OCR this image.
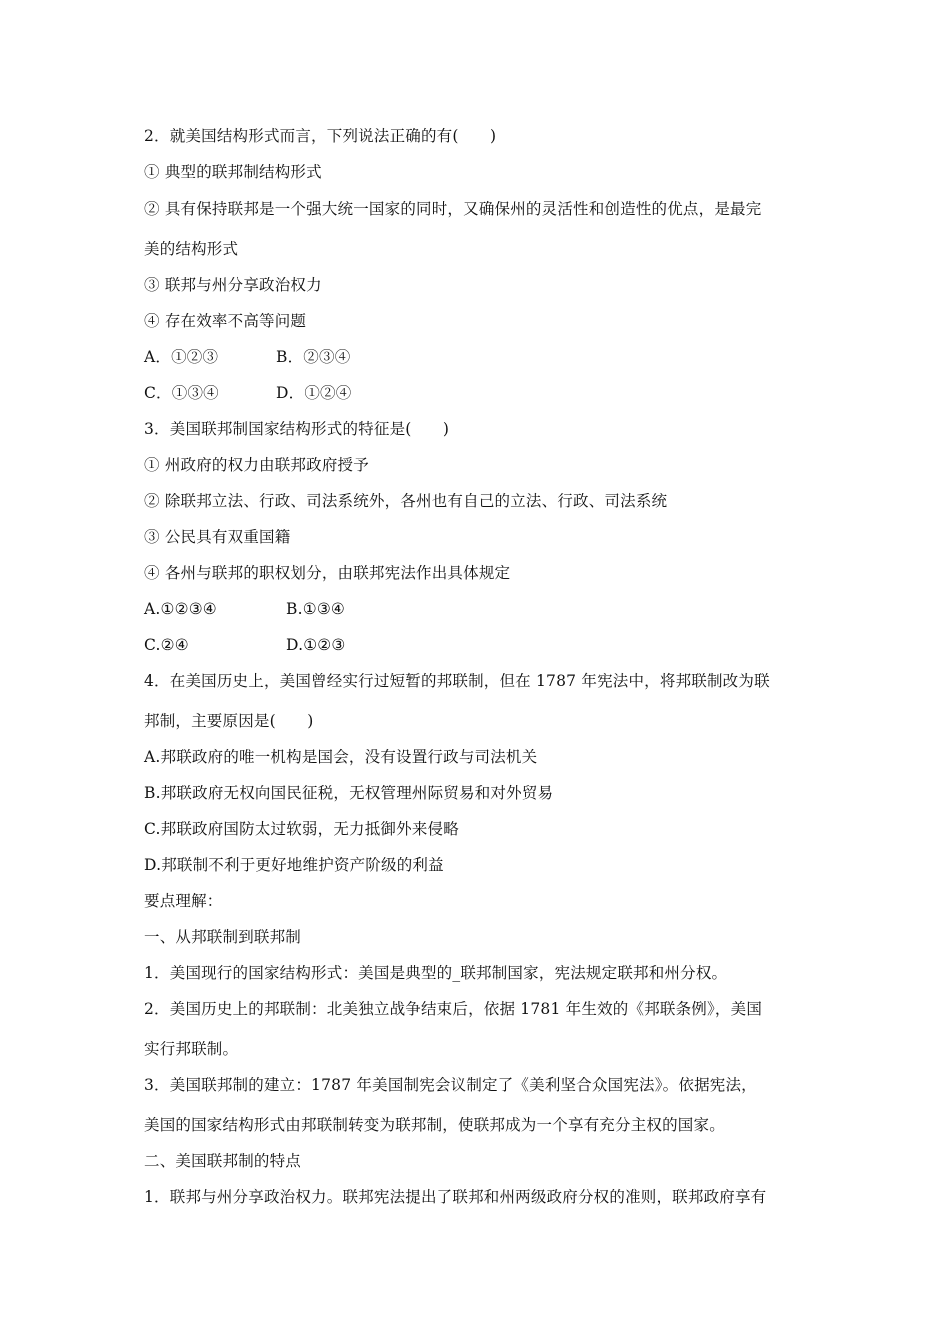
2．就美国结构形式而言，下列说法正确的有(　　)
① 典型的联邦制结构形式
② 具有保持联邦是一个强大统一国家的同时，又确保州的灵活性和创造性的优点，是最完
美的结构形式
③ 联邦与州分享政治权力
④ 存在效率不高等问题
A．①②③	B．②③④
C．①③④	D．①②④
3．美国联邦制国家结构形式的特征是(　　)
① 州政府的权力由联邦政府授予
② 除联邦立法、行政、司法系统外，各州也有自己的立法、行政、司法系统
③ 公民具有双重国籍
④ 各州与联邦的职权划分，由联邦宪法作出具体规定
A.①②③④	B.①③④
C.②④	D.①②③
4．在美国历史上，美国曾经实行过短暂的邦联制，但在 1787 年宪法中，将邦联制改为联
邦制，主要原因是(　　)
A.邦联政府的唯一机构是国会，没有设置行政与司法机关
B.邦联政府无权向国民征税，无权管理州际贸易和对外贸易
C.邦联政府国防太过软弱，无力抵御外来侵略
D.邦联制不利于更好地维护资产阶级的利益
要点理解：
一、从邦联制到联邦制
1．美国现行的国家结构形式：美国是典型的_联邦制国家，宪法规定联邦和州分权。
2．美国历史上的邦联制：北美独立战争结束后，依据 1781 年生效的《邦联条例》，美国
实行邦联制。
3．美国联邦制的建立：1787 年美国制宪会议制定了《美利坚合众国宪法》。依据宪法，
美国的国家结构形式由邦联制转变为联邦制，使联邦成为一个享有充分主权的国家。
二、美国联邦制的特点
1．联邦与州分享政治权力。联邦宪法提出了联邦和州两级政府分权的准则，联邦政府享有
